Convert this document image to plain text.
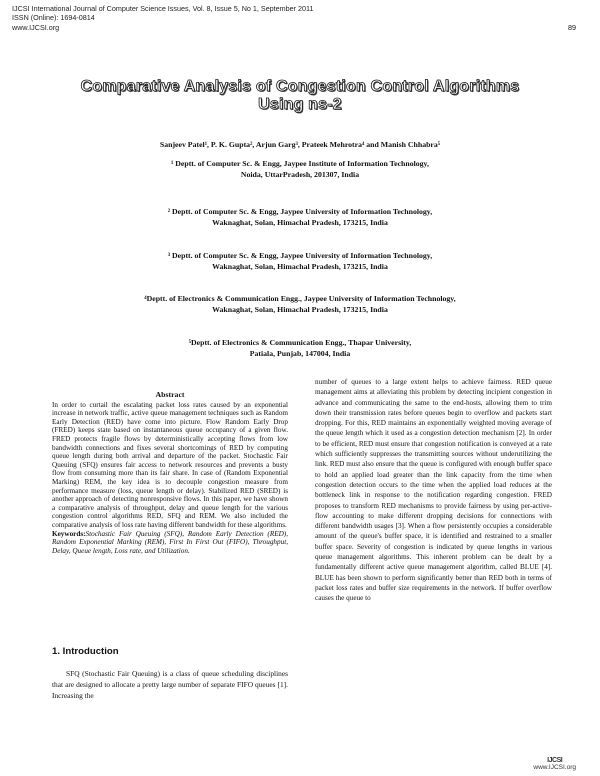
IJCSI International Journal of Computer Science Issues, Vol. 8, Issue 5, No 1, September 2011
ISSN (Online): 1694-0814
www.IJCSI.org	89
Comparative Analysis of Congestion Control Algorithms
Using ns-2
Sanjeev Patel¹, P. K. Gupta², Arjun Garg³, Prateek Mehrotra⁴ and Manish Chhabra⁵
¹ Deptt. of Computer Sc. & Engg, Jaypee Institute of Information Technology,
Noida, UttarPradesh, 201307, India
² Deptt. of Computer Sc. & Engg, Jaypee University of Information Technology,
Waknaghat, Solan, Himachal Pradesh, 173215, India
³ Deptt. of Computer Sc. & Engg, Jaypee University of Information Technology,
Waknaghat, Solan, Himachal Pradesh, 173215, India
⁴Deptt. of Electronics & Communication Engg., Jaypee University of Information Technology,
Waknaghat, Solan, Himachal Pradesh, 173215, India
⁵Deptt. of Electronics & Communication Engg., Thapar University,
Patiala, Punjab, 147004, India
Abstract

In order to curtail the escalating packet loss rates caused by an exponential increase in network traffic, active queue management techniques such as Random Early Detection (RED) have come into picture. Flow Random Early Drop (FRED) keeps state based on instantaneous queue occupancy of a given flow. FRED protects fragile flows by deterministically accepting flows from low bandwidth connections and fixes several shortcomings of RED by computing queue length during both arrival and departure of the packet. Stochastic Fair Queuing (SFQ) ensures fair access to network resources and prevents a busty flow from consuming more than its fair share. In case of (Random Exponential Marking) REM, the key idea is to decouple congestion measure from performance measure (loss, queue length or delay). Stabilized RED (SRED) is another approach of detecting nonresponsive flows. In this paper, we have shown a comparative analysis of throughput, delay and queue length for the various congestion control algorithms RED, SFQ and REM. We also included the comparative analysis of loss rate having different bandwidth for these algorithms.

Keywords:Stochastic Fair Queuing (SFQ), Random Early Detection (RED), Random Exponential Marking (REM), First In First Out (FIFO), Throughput, Delay, Queue length, Loss rate, and Utilization.

1. Introduction

SFQ (Stochastic Fair Queuing) is a class of queue scheduling disciplines that are designed to allocate a pretty large number of separate FIFO queues [1]. Increasing the

number of queues to a large extent helps to achieve fairness. RED queue management aims at alleviating this problem by detecting incipient congestion in advance and communicating the same to the end-hosts, allowing them to trim down their transmission rates before queues begin to overflow and packets start dropping. For this, RED maintains an exponentially weighted moving average of the queue length which it used as a congestion detection mechanism [2]. In order to be efficient, RED must ensure that congestion notification is conveyed at a rate which sufficiently suppresses the transmitting sources without underutilizing the link. RED must also ensure that the queue is configured with enough buffer space to hold an applied load greater than the link capacity from the time when congestion detection occurs to the time when the applied load reduces at the bottleneck link in response to the notification regarding congestion. FRED proposes to transform RED mechanisms to provide fairness by using per-active-flow accounting to make different dropping decisions for connections with different bandwidth usages [3]. When a flow persistently occupies a considerable amount of the queue's buffer space, it is identified and restrained to a smaller buffer space. Severity of congestion is indicated by queue lengths in various queue management algorithms. This inherent problem can be dealt by a fundamentally different active queue management algorithm, called BLUE [4]. BLUE has been shown to perform significantly better than RED both in terms of packet loss rates and buffer size requirements in the network. If buffer overflow causes the queue to

IJCSI
www.IJCSI.org
